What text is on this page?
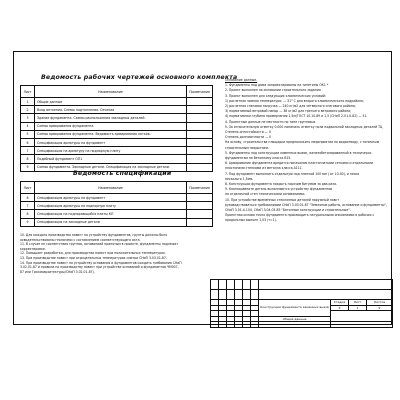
Ведомость рабочих чертежей основного комплекта
Лист	Наименование	Примечание
1	Общие данные	
2	Вход ветхения. Схемы подтопления. Сечения	
3	Здание фундамента. Схемы расположения закладных деталей.	
4	Схемы армирования фундамента	
5	Схемы армирования фундамента. Ведомость армирования лотков.	
6	Спецификация арматуры на фундамент	
7	Спецификация на арматуру на подпорную плиту	
8	Подобный фундамент ОП1	
9	Схемы фундамента. Закладные детали. Спецификация на закладные детали.	
Ведомость спецификации
Лист	Наименование	Примечание
6	Спецификация арматуры на фундамент	
7	Спецификация арматуры на подпорную плиту	
8	Спецификация на подпорающийся плиты КЛ	
9	Спецификация на закладные детали	
10. Для каждого производства повест по устройству фундаментов, грунты должны быть
освидетельствованы геологами с составлением соответствующего акта.
11. В случае не соответствия грунтов, основаниий принятым в проекте, фундаменты подлежат
корректировке.
12. Повышает разработки, для производства повест при положительных температурах.
13. При производстве повест при отрицательных температурах смотри СНиП 3.03.01-87.
14. При производстве повест по устройству основания и фундаментов саждить требования СНиП
3.02.01-87 и правила по производству повест при устройстве оснований и фундаментов ЧМ007-
87 или Госкомархитектуры/СНиП 3.02.01-87).
Основание данные.
1. Фундаменты под дома запроектированы на типетипы ОК1 *
2. Проект выполнен на основании строительного задания
3. Проект выполнен для следующих климатических условий:
1) расчетная зимняя температура: — 31° С для второго климатического подрайона;
2) расчетная снеговая нагрузка — 240 кг/м2 для четвертого снегового района;
3) нормативный ветровой напор — 38 кг/м2 для третьего ветрового района;
4) нормативная глубина промерзания 1,5м(ГОСТ 10.10-89 и 1,5 (СНиП 2-01-0-82) — 51.
4. Проектные данные не местности по типе грунтовых
5. За относительную отметку 0.000 понимать отметку пола подвальной закладных деталей ТЦ
Степень огнестойкости — II
Степень долговечности — II
На основу, строительства площадки предположить мероприятия по водоотводу, с типичным
строительным покрытием.
5. Фундаменты под конструкции каменных вызов, железобетонированный в технически
фундаментам по бетонному класса В15.
6. Армирование фундамента вредится поначалам пластинчатыми сетками и отдельными
пластинами стенками из металла класса А111.
7. Под фундамент выполнить отдельную под плиткой 100 мм ( от 10-40), и песка
нескольго 1,5мм.
8. Конструкции фундамента покрыть горячим битумом за два раза.
9. Коопосравните деталь выполняются устройству фундаментов
на отделочной стен техническими основаниями.
10. При устройстве временных стеклянных деталей наружный повст
руководствоваться требованиями СНиП 3.03.01-87 "Земляные работы, основание и фундаменты",
СНиП 3.01-4-104, СНиП 3.04.03-85 "Бетонные конструкции и строительные".
Проектная основа точно фундамента производить натуральными описаниями в рабочих с
продольных выполн 1,03 (т=1).

						Конструкции фундамента каменных вызов	Стадия	Лист	Листов
							Р	1	9

						Общие данные			
